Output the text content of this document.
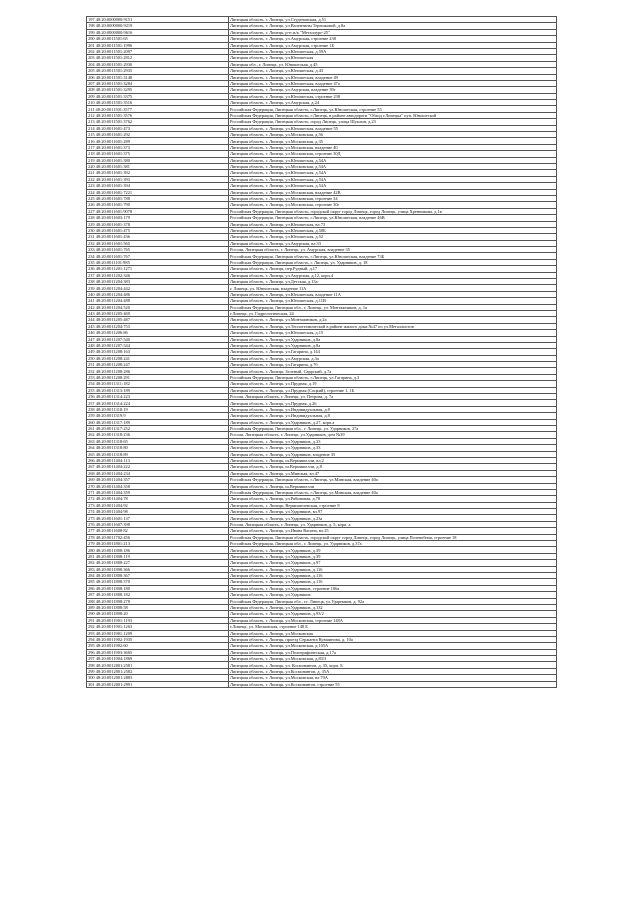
197 48:20:0000000:9151	Липецкая область, г. Липецк, ул.Студеновская, д.51
198 48:20:0000000:9219	Липецкая область, г. Липецк, ул.Валентины Терешковой, д.8а
199 48:20:0000000:9616	Липецкая область, г. Липецк, р-н ж/к "Металлург-25"
200 48:20:0011501:65	Липецкая область, г. Липецк, ул.Амурская, строение 238
201 48:20:0011501:1996	Липецкая область, г. Липецк, ул.Амурская, строение 1Б
202 48:20:0011501:2097	Липецкая область, г. Липецк, ул.Юношеская, д.59А
203 48:20:0011501:2812	Липецкая область, г. Липецк, ул.Юношеская
204 48:20:0011501:2930	Липецкая обл., г. Липецк, ул. Юношеская, д.45
205 48:20:0011501:2935	Липецкая область, г. Липецк, ул.Юношеская, д.43
206 48:20:0011501:3148	Липецкая область, г. Липецк, ул.Юношеская, владение 49
207 48:20:0011501:3284	Липецкая область, г. Липецк, ул.Юношеская, владение 47а
208 48:20:0011501:3295	Липецкая область, г. Липецк, ул.Амурская, владение 39г
209 48:20:0011501:3375	Липецкая область, г. Липецк, ул.Юношеская, строение 238
210 48:20:0011501:3516	Липецкая область, г. Липецк, ул.Амурская, д.24
211 48:20:0011501:3577	Российская Федерация, Липецкая область, г.Липецк, ул.Юношеская, строение 55
212 48:20:0011501:3576	Российская Федерация, Липецкая область, г.Липецк, в районе автодороги "Обход г.Липецка" пуп. Юношеской
213 48:20:0011501:3762	Российская Федерация, Липецкая область, город Липецк, улица Шуклин, д.23
214 48:20:0011601:473	Липецкая область, г. Липецк, ул.Юношеская, владение 55
215 48:20:0011601:292	Липецкая область, г. Липецк, ул.Московская, д.56
216 48:20:0011601:289	Липецкая область, г. Липецк, ул.Московская, д.35
217 48:20:0011601:373	Липецкая область, г. Липецк, ул.Московская, владение 40
218 48:20:0011601:375	Липецкая область, г. Липецк, ул.Московская, строение 30Д
219 48:20:0011601:380	Липецкая область, г. Липецк, ул.Юношеская, д.54А
220 48:20:0011601:381	Липецкая область, г. Липецк, ул.Московская, д.54А
221 48:20:0011601:392	Липецкая область, г. Липецк, ул.Юношеская, д.54А
222 48:20:0011601:393	Липецкая область, г. Липецк, ул.Юношеская, д.54А
223 48:20:0011601:394	Липецкая область, г. Липецк, ул.Юношеская, д.54А
224 48:20:0011601:7221	Липецкая область, г. Липецк, ул.Московская, владение 42В
225 48:20:0011601:788	Липецкая область, г. Липецк, ул.Московская, строение 34
226 48:20:0011601:790	Липецкая область, г. Липецк, ул.Московская, строение 30г
227 48:20:0011601:9078	Российская Федерация, Липецкая область, городской округ город Липецк, город Липецк, улица Хренникова, д.1в
228 48:20:0011603:179	Российская Федерация, Липецкая область, г.Липецк, ул.Юношеская, владение 46В
229 48:20:0011601:378	Липецкая область, г. Липецк, ул.Юношеская, вл.73
230 48:20:0011601:475	Липецкая область, г. Липецк, ул.Юношеская, д.50Б
231 48:20:0011601:436	Липецкая область, г. Липецк, ул.Юношеская, д.52
232 48:20:0011601:565	Липецкая область, г. Липецк, ул.Амурская, вл.33
233 48:20:0011601:765	Россия, Липецкая область, г. Липецк, ул. Амурская, владение 35
234 48:20:0011601:767	Российская Федерация, Липецкая область, г.Липецк, ул.Юношеская, владение 73Б
235 48:20:0011101:985	Российская Федерация, Липецкая область, г. Липецк, ул. Ударников, д. 18
236 48:20:0011201:1271	Липецкая область, г. Липецк, пер.Рудный, д.17
237 48:20:0011202:346	Липецкая область, г. Липецк, ул.Амурская, д.12, корп.4
238 48:20:0011204:383	Липецкая область, г. Липецк, ул.Детская, д.13а
239 48:20:0011204:442	г. Липецк, ул. Юношеская, владение 11А
240 48:20:0011204:486	Липецкая область, г. Липецк, ул.Юношеская, владение 11А
241 48:20:0011204:488	Липецкая область, г. Липецк, ул.Юношеская, д.11В
242 48:20:0011204:520	Российская Федерация, Липецкая обл., г. Липецк, ул. Монтажников, д. 1а
243 48:20:0011205:469	г.Липецк, ул. Гидрологическая, 24
244 48:20:0011205:487	Липецкая область, г. Липецк, ул.Монтажников, д.2а
245 48:20:0011204:753	Липецкая область, г. Липецк, ул.Теплотехнической в районе жилого дома №47 по ул.Металлистов
246 48:20:0011206:86	Липецкая область, г. Липецк, ул.Юношеская, д.15
247 48:20:0011207:540	Липецкая область, г. Липецк, ул.Ударников, д.8а
248 48:20:0011207:544	Липецкая область, г. Липецк, ул.Ударников, д.8а
249 48:20:0011208:163	Липецкая область, г. Липецк, ул.Гагарина, д.144
250 48:20:0011208:241	Липецкая область, г. Липецк, ул.Амурская, д.3а
251 48:20:0011208:247	Липецкая область, г. Липецк, ул.Гагарина, д.7б
252 48:20:0011208:286	Липецкая область, г. Липецк, Зеленый, Саррский, д.7а
253 48:20:0011208:291	Российская Федерация, Липецкая область, г.Липецк, ул.Гагарина, д.3
254 48:20:0011311:182	Липецкая область, г. Липецк, ул.Прудная, д.19
255 48:20:0011313:189	Липецкая область, г. Липецк, ул.Прудная (Соцкий), строение 1, 1Б
256 48:20:0011314:223	Россия, Липецкая область, г. Липецк, ул. Петрова, д. 7а
257 48:20:0011314:224	Липецкая область, г. Липецк, ул.Прудная, д.26
258 48:20:0011318:19	Липецкая область, г. Липецк, ул.Индивидуальная, д.8
259 48:20:0011319:9	Липецкая область, г. Липецк, ул.Индивидуальная, д.8
260 48:20:0011317:189	Липецкая область, г. Липецк, ул.Ударников, д.27, корп.а
261 48:20:0011317:252	Российская Федерация, Липецкая обл., г. Липецк, ул. Ударников, 27а
262 48:20:0011318:236	Россия, Липецкая область, г. Липецк, ул.Ударников, дом №39
263 48:20:0011318:65	Липецкая область, г. Липецк, ул.Ударников, д.33
264 48:20:0011318:80	Липецкая область, г. Липецк, ул.Ударников, д.33
265 48:20:0011318:89	Липецкая область, г. Липецк, ул.Ударников, владение 35
266 48:20:0011404:113	Липецкая область, г. Липецк, ш.Вермишелли, вл.2
267 48:20:0011404:222	Липецкая область, г. Липецк, ш.Вермишелли, д.8
268 48:20:0011404:234	Липецкая область, г. Липецк, ул.Минская, вл.47
269 48:20:0011404:357	Российская Федерация, Липецкая область, г.Липецк, ул.Минская, владение 40а
270 48:20:0011404:358	Липецкая область, г. Липецк, ш.Вермишелли
271 48:20:0011404:359	Российская Федерация, Липецкая область, г.Липецк, ул.Минская, владение 40а
272 48:20:0011404:78	Липецкая область, г. Липецк, ул.Рябиновая, д.78
273 48:20:0011404:92	Липецкая область, г. Липецк, Вермишелевская, строение 8
274 48:20:0011404:98	Липецкая область, г. Липецк, ул.Ударников, вл.97
275 48:20:0011601:137	Липецкая область, г. Липецк, ул.Ударников, д.23а
276 48:20:0011607:398	Россия, Липецкая область, г. Липецк, ул. Ударников, д. 5, корп. а
277 48:20:0011608:82	Липецкая область, г. Липецк, ул.Ивана Васина, вл.25
278 48:20:0011702:456	Российская Федерация, Липецкая область, городской округ город Липецк, город Липецк, улица Полевобная, строение 18
279 48:20:0011801:213	Российская Федерация, Липецкая обл., г. Липецк, ул. Ударников, д.37а
280 48:20:0011808:186	Липецкая область, г. Липецк, ул.Ударников, д.39
281 48:20:0011808:119	Липецкая область, г. Липецк, ул.Ударников, д.39
282 48:20:0011808:227	Липецкая область, г. Липецк, ул.Ударников, д.97
283 48:20:0011808:366	Липецкая область, г. Липецк, ул.Ударников, д.116
284 48:20:0011808:367	Липецкая область, г. Липецк, ул.Ударников, д.116
285 48:20:0011808:370	Липецкая область, г. Липецк, ул.Ударников, д.116
286 48:20:0011808:180	Липецкая область, г. Липецк, ул.Ударников, строение 106а
287 48:20:0011808:182	Липецкая область, г. Липецк, ул.Ударников
288 48:20:0011808:278	Российская Федерация, Липецкая обл., г.г. Липецк, ул.Ударников, д. 92а
289 48:20:0011808:58	Липецкая область, г. Липецк, ул.Ударников, д.132
290 48:20:0011808:20	Липецкая область, г. Липецк, ул.Ударников, д.93/2
291 48:20:0011901:1193	Липецкая область, г. Липецк, ул.Московская, строение 148А
292 48:20:0011901:1263	г.Липецк, ул. Московская, строение 148 Б
293 48:20:0011901:1209	Липецкая область, г. Липецк, ул.Московская
294 48:20:0011902:1935	Липецкая область, г. Липецк, проезд Сержанта Кувшинова, д. 10а
295 48:20:0011902:60	Липецкая область, г. Липецк, ул.Московская, д.105А
296 48:20:0011903:3665	Липецкая область, г. Липецк, ул.Полиграфическая, д.17а
297 48:20:0011904:1869	Липецкая область, г. Липецк, ул.Московская, д.83/3
298 48:20:0012001:2581	Липецкая область, г. Липецк, ул. Космонавтов, д. 35, корп. Б
299 48:20:0012001:2582	Липецкая область, г. Липецк, ул.Космонавтов, д. 35А
300 48:20:0012001:2883	Липецкая область, г. Липецк, ул.Московская, вл.70А
301 48:20:0012001:2991	Липецкая область, г. Липецк, ул.Космонавтов, строение 55
